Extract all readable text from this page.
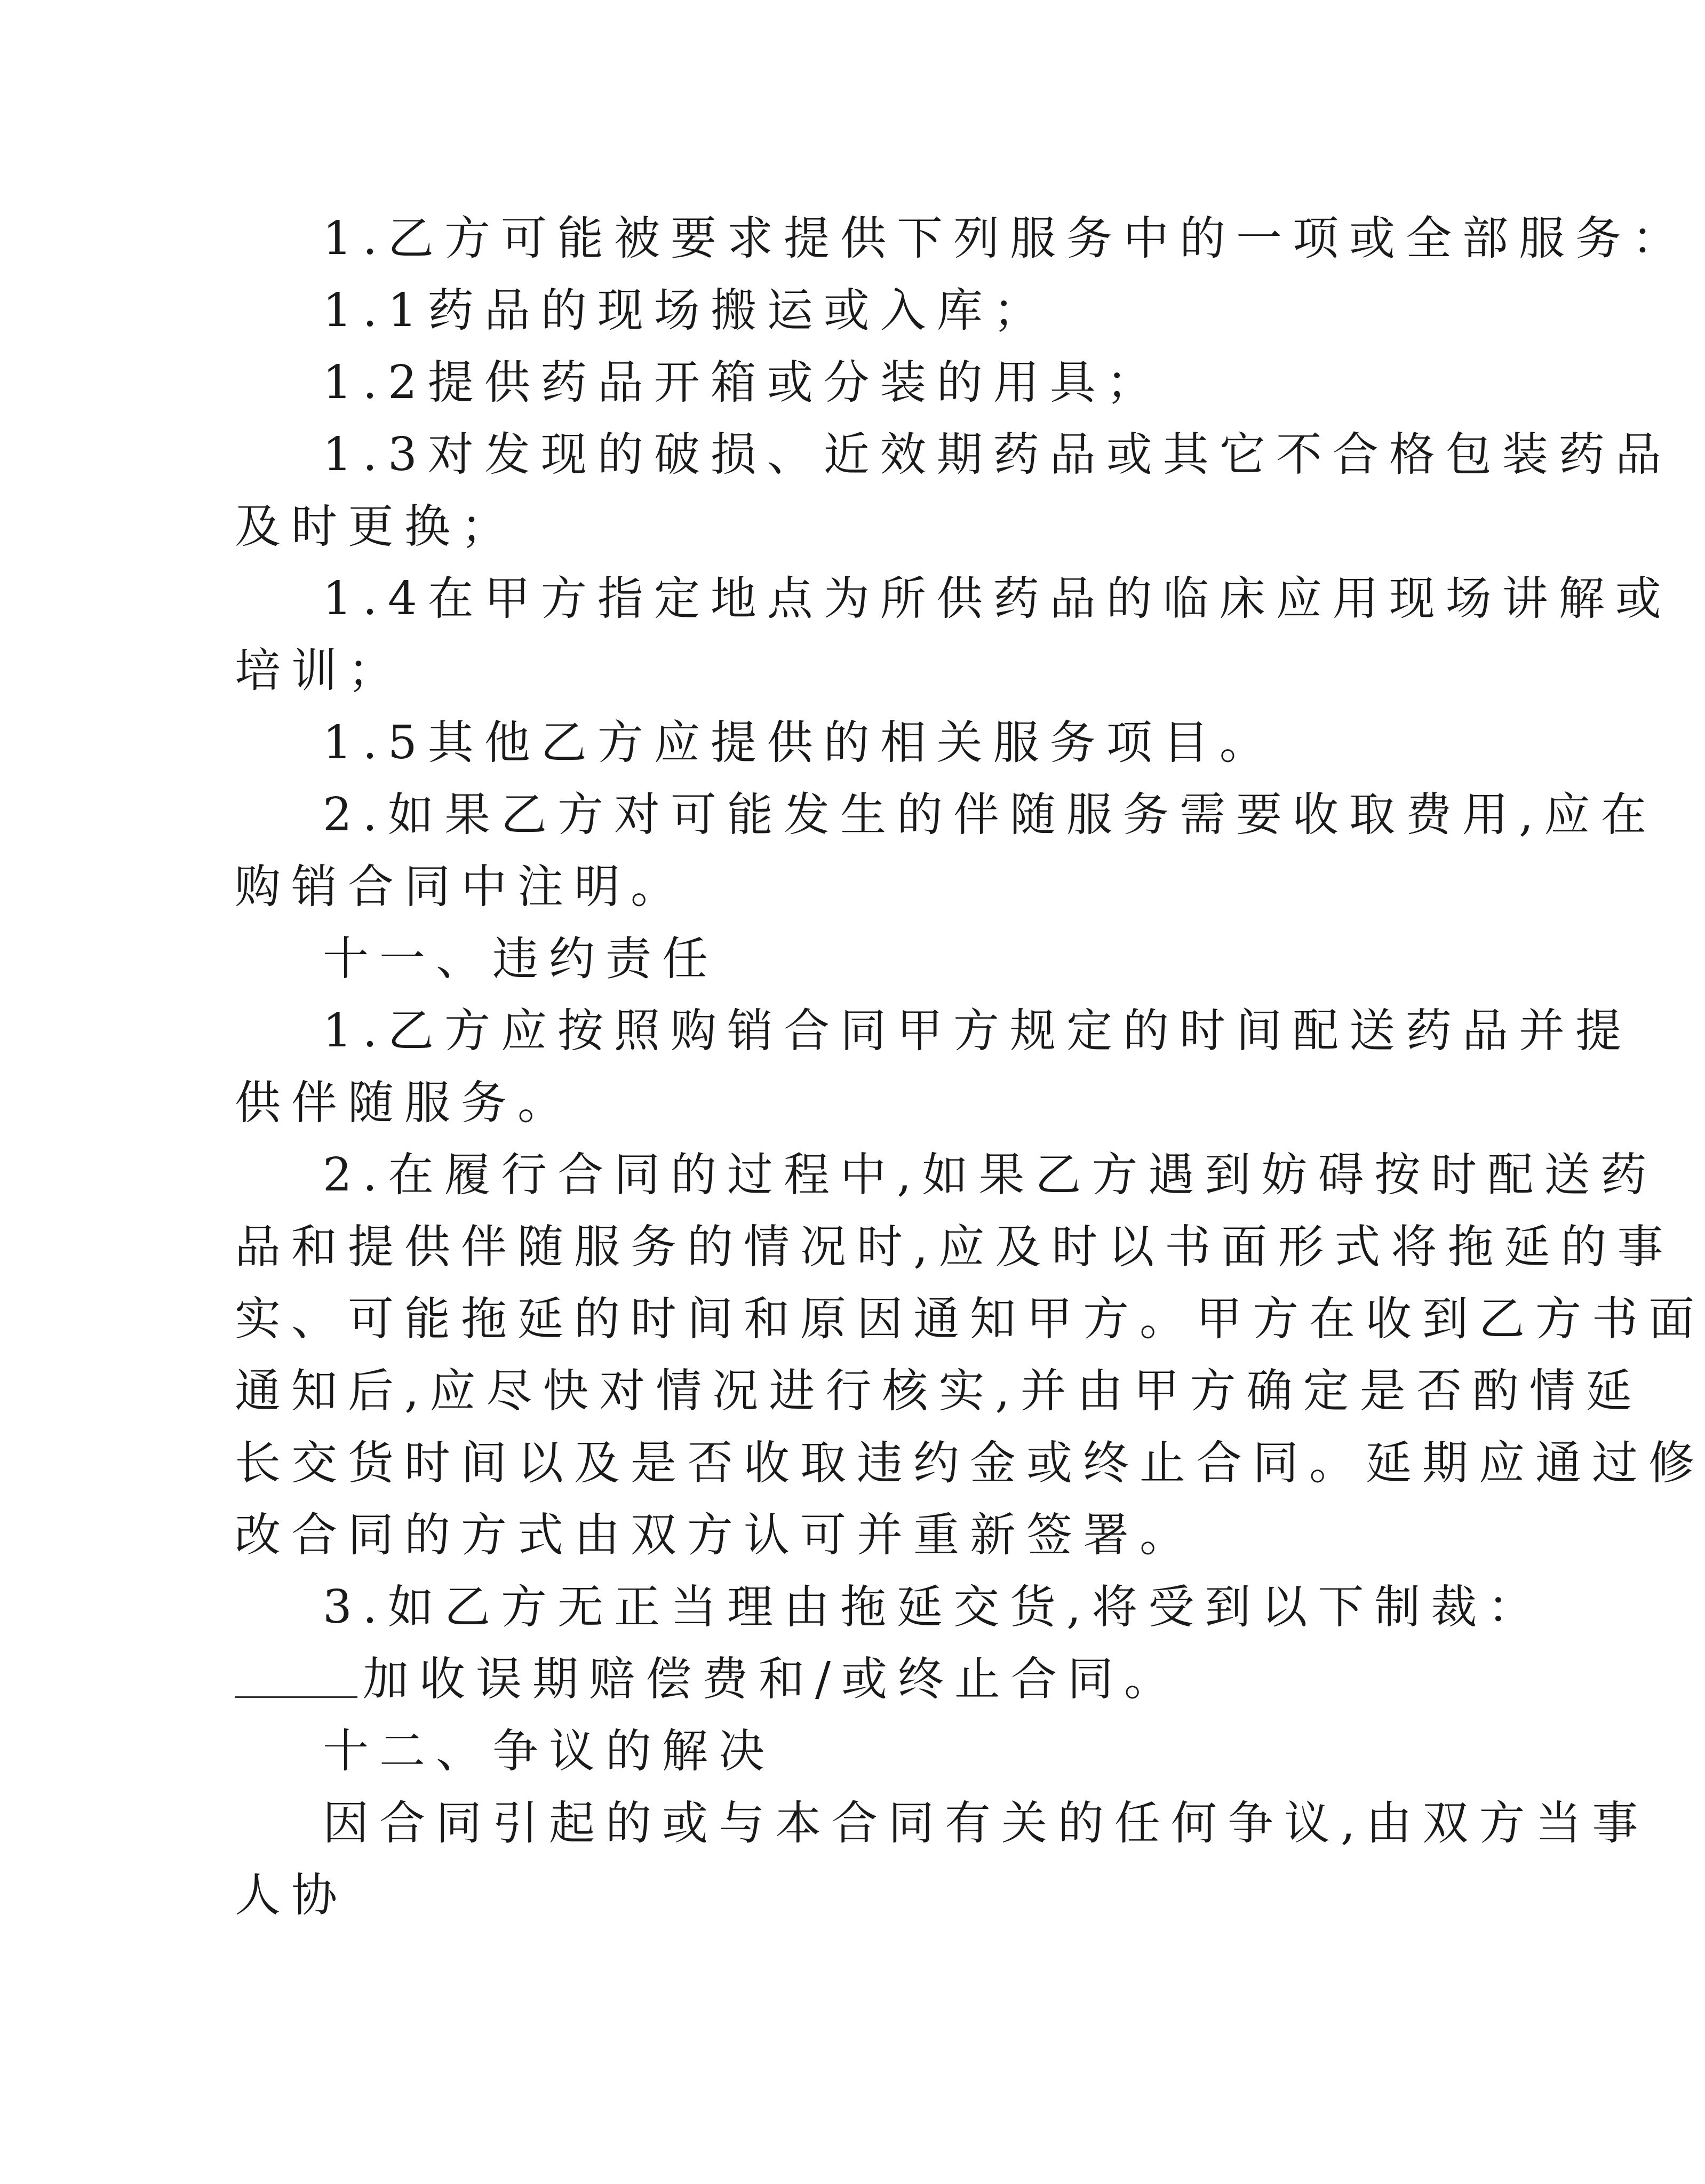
1.乙方可能被要求提供下列服务中的一项或全部服务：
1.1药品的现场搬运或入库；
1.2提供药品开箱或分装的用具；
1.3对发现的破损、近效期药品或其它不合格包装药品
及时更换；
1.4在甲方指定地点为所供药品的临床应用现场讲解或
培训；
1.5其他乙方应提供的相关服务项目。
2.如果乙方对可能发生的伴随服务需要收取费用,应在
购销合同中注明。
十一、违约责任
1.乙方应按照购销合同甲方规定的时间配送药品并提
供伴随服务。
2.在履行合同的过程中,如果乙方遇到妨碍按时配送药
品和提供伴随服务的情况时,应及时以书面形式将拖延的事
实、可能拖延的时间和原因通知甲方。甲方在收到乙方书面
通知后,应尽快对情况进行核实,并由甲方确定是否酌情延
长交货时间以及是否收取违约金或终止合同。延期应通过修
改合同的方式由双方认可并重新签署。
3.如乙方无正当理由拖延交货,将受到以下制裁：
加收误期赔偿费和/或终止合同。
十二、争议的解决
因合同引起的或与本合同有关的任何争议,由双方当事
人协
